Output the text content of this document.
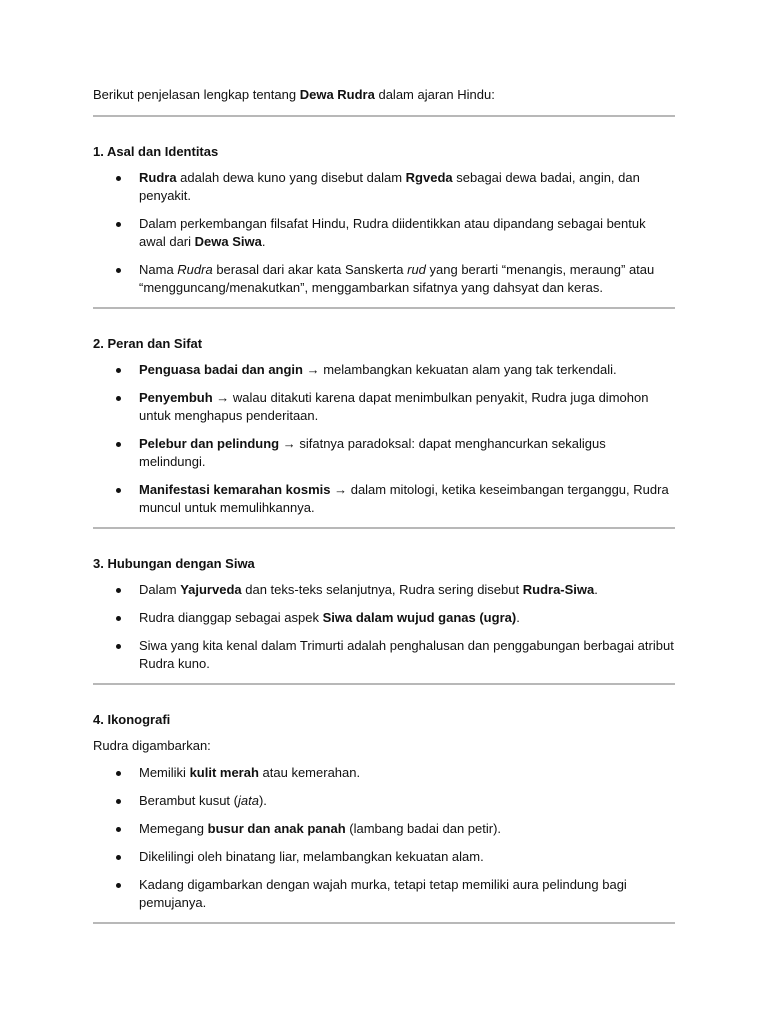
Berikut penjelasan lengkap tentang Dewa Rudra dalam ajaran Hindu:

1. Asal dan Identitas
Rudra adalah dewa kuno yang disebut dalam Rgveda sebagai dewa badai, angin, dan penyakit.
Dalam perkembangan filsafat Hindu, Rudra diidentikkan atau dipandang sebagai bentuk awal dari Dewa Siwa.
Nama Rudra berasal dari akar kata Sanskerta rud yang berarti “menangis, meraung” atau “mengguncang/menakutkan”, menggambarkan sifatnya yang dahsyat dan keras.
2. Peran dan Sifat
Penguasa badai dan angin → melambangkan kekuatan alam yang tak terkendali.
Penyembuh → walau ditakuti karena dapat menimbulkan penyakit, Rudra juga dimohon untuk menghapus penderitaan.
Pelebur dan pelindung → sifatnya paradoksal: dapat menghancurkan sekaligus melindungi.
Manifestasi kemarahan kosmis → dalam mitologi, ketika keseimbangan terganggu, Rudra muncul untuk memulihkannya.
3. Hubungan dengan Siwa
Dalam Yajurveda dan teks-teks selanjutnya, Rudra sering disebut Rudra-Siwa.
Rudra dianggap sebagai aspek Siwa dalam wujud ganas (ugra).
Siwa yang kita kenal dalam Trimurti adalah penghalusan dan penggabungan berbagai atribut Rudra kuno.
4. Ikonografi

Rudra digambarkan:

Memiliki kulit merah atau kemerahan.
Berambut kusut (jata).
Memegang busur dan anak panah (lambang badai dan petir).
Dikelilingi oleh binatang liar, melambangkan kekuatan alam.
Kadang digambarkan dengan wajah murka, tetapi tetap memiliki aura pelindung bagi pemujanya.
